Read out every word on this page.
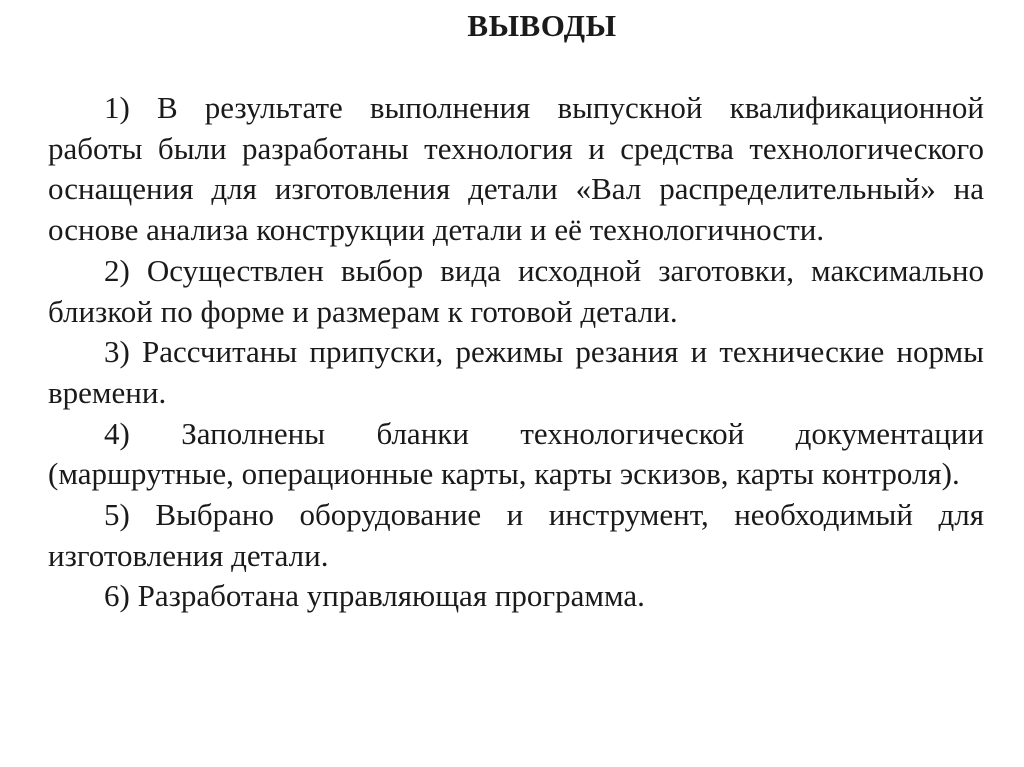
ВЫВОДЫ

1) В результате выполнения выпускной квалификационной работы были разработаны технология и средства технологического оснащения для изготовления детали «Вал распределительный» на основе анализа конструкции детали и её технологичности.

2) Осуществлен выбор вида исходной заготовки, максимально близкой по форме и размерам к готовой детали.

3) Рассчитаны припуски, режимы резания и технические нормы времени.

4) Заполнены бланки технологической документации (маршрутные, операционные карты, карты эскизов, карты контроля).

5) Выбрано оборудование и инструмент, необходимый для изготовления детали.

6) Разработана управляющая программа.
